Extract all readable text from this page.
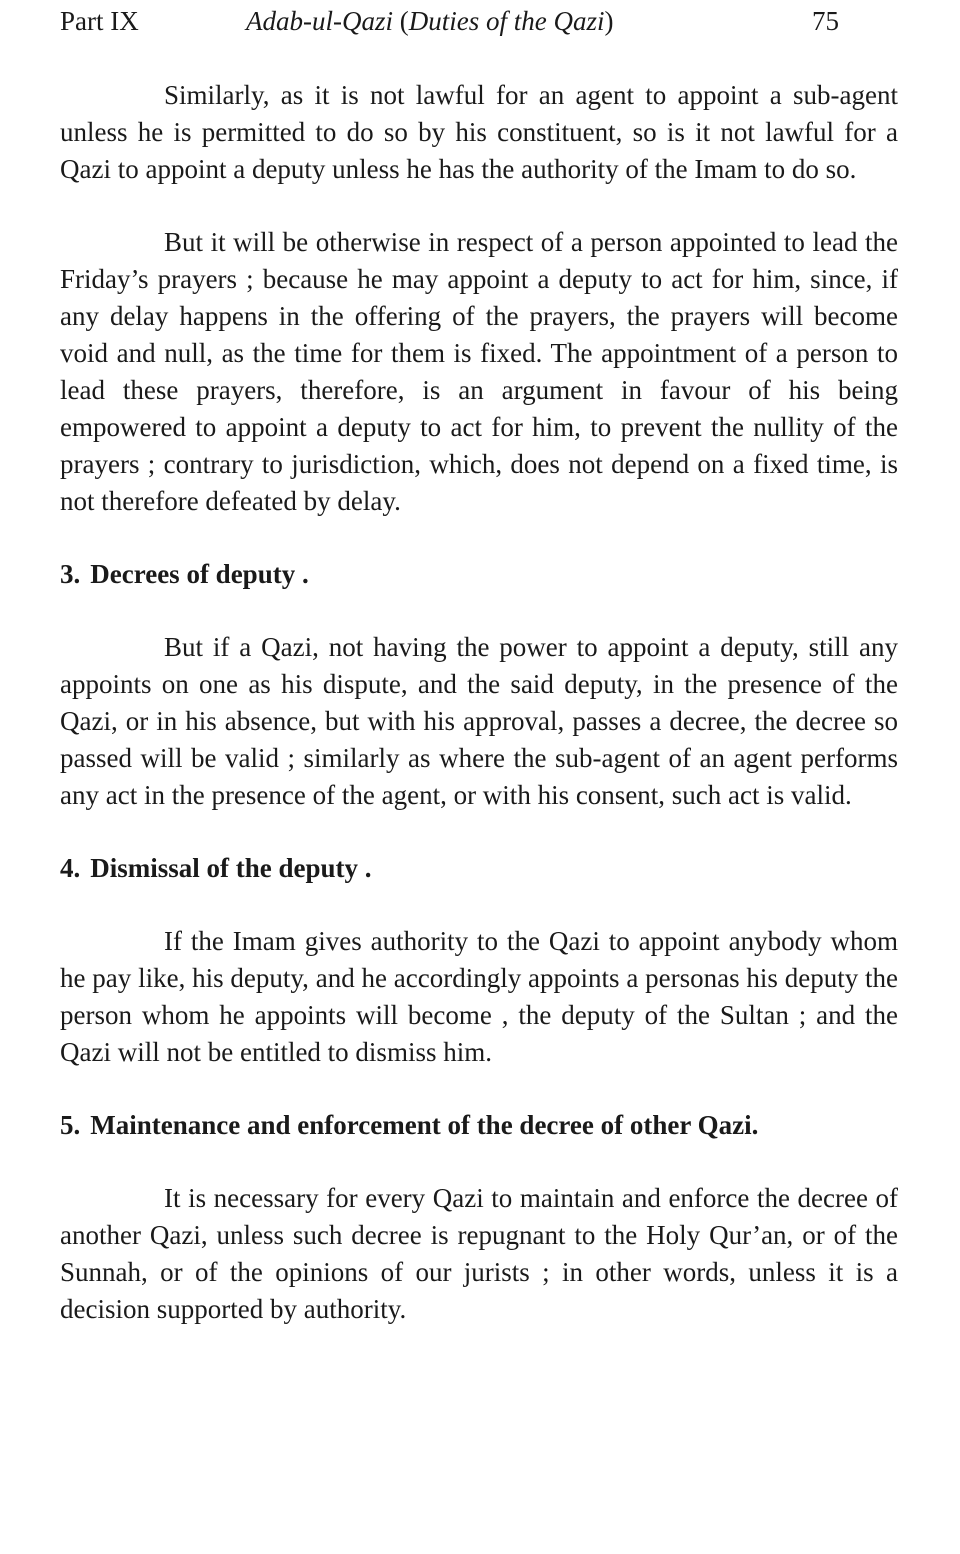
Part IX	Adab-ul-Qazi (Duties of the Qazi)	75

Similarly, as it is not lawful for an agent to appoint a sub-agent unless he is permitted to do so by his constituent, so is it not lawful for a Qazi to appoint a deputy unless he has the authority of the Imam to do so.

But it will be otherwise in respect of a person appointed to lead the Friday’s prayers ; because he may appoint a deputy to act for him, since, if any delay happens in the offering of the prayers, the prayers will become void and null, as the time for them is fixed. The appointment of a person to lead these prayers, therefore, is an argument in favour of his being empowered to appoint a deputy to act for him, to prevent the nullity of the prayers ; contrary to jurisdiction, which, does not depend on a fixed time, is not therefore defeated by delay.

3. Decrees of deputy .

But if a Qazi, not having the power to appoint a deputy, still any appoints on one as his dispute, and the said deputy, in the presence of the Qazi, or in his absence, but with his approval, passes a decree, the decree so passed will be valid ; similarly as where the sub-agent of an agent performs any act in the presence of the agent, or with his consent, such act is valid.

4. Dismissal of the deputy .

If the Imam gives authority to the Qazi to appoint anybody whom he pay like, his deputy, and he accordingly appoints a personas his deputy the person whom he appoints will become , the deputy of the Sultan ; and the Qazi will not be entitled to dismiss him.

5. Maintenance and enforcement of the decree of other Qazi.

It is necessary for every Qazi to maintain and enforce the decree of another Qazi, unless such decree is repugnant to the Holy Qur’an, or of the Sunnah, or of the opinions of our jurists ; in other words, unless it is a decision supported by authority.
